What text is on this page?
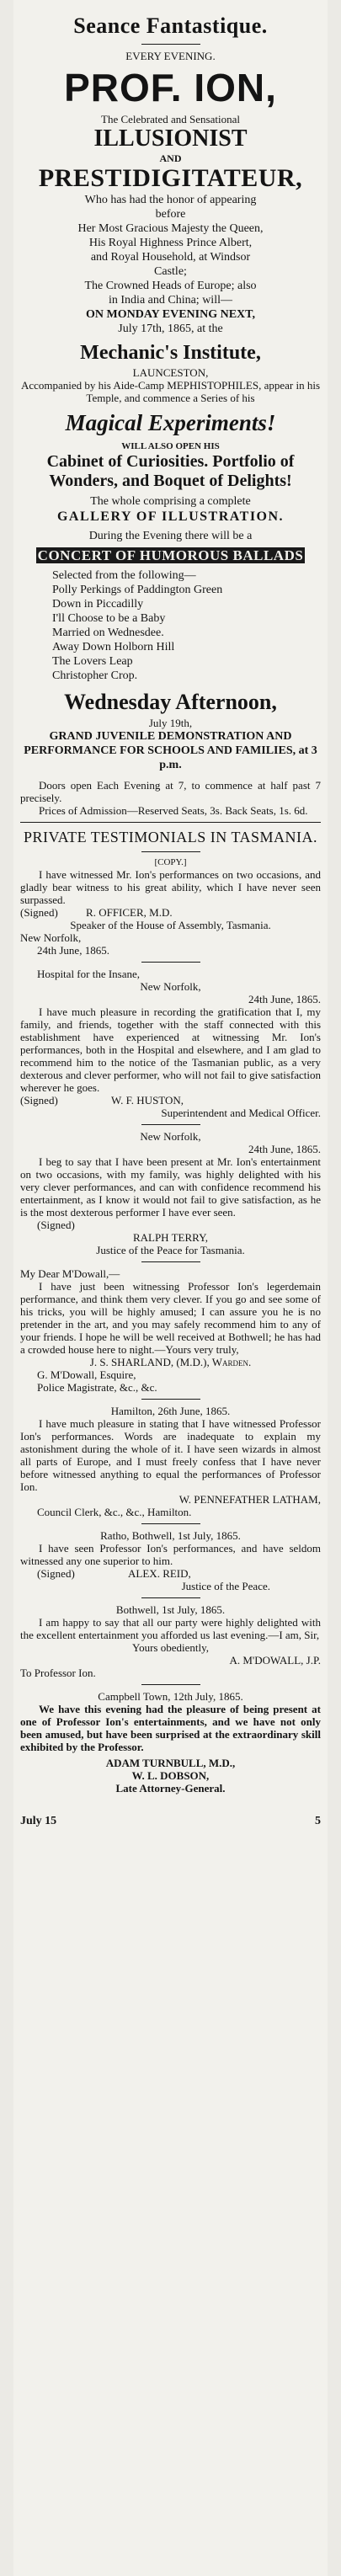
Seance Fantastique.
EVERY EVENING.
PROF. ION,
The Celebrated and Sensational
ILLUSIONIST
AND
PRESTIDIGITATEUR,
Who has had the honor of appearing
before
Her Most Gracious Majesty the Queen,
His Royal Highness Prince Albert,
and Royal Household, at Windsor
Castle;
The Crowned Heads of Europe; also
in India and China; will—
ON MONDAY EVENING NEXT,
July 17th, 1865, at the
Mechanic's Institute,
LAUNCESTON,
Accompanied by his Aide-Camp MEPHISTOPHILES, appear in his Temple, and commence a Series of his
Magical Experiments!
WILL ALSO OPEN HIS
Cabinet of Curiosities. Portfolio of Wonders, and Boquet of Delights!
The whole comprising a complete
GALLERY OF ILLUSTRATION.
During the Evening there will be a
CONCERT OF HUMOROUS BALLADS
Selected from the following—
Polly Perkings of Paddington Green
Down in Piccadilly
I'll Choose to be a Baby
Married on Wednesdee.
Away Down Holborn Hill
The Lovers Leap
Christopher Crop.
Wednesday Afternoon,
July 19th,
GRAND JUVENILE DEMONSTRATION AND PERFORMANCE FOR SCHOOLS AND FAMILIES, at 3 p.m.
Doors open Each Evening at 7, to commence at half past 7 precisely.
Prices of Admission—Reserved Seats, 3s. Back Seats, 1s. 6d.
PRIVATE TESTIMONIALS IN TASMANIA.
[COPY.]
I have witnessed Mr. Ion's performances on two occasions, and gladly bear witness to his great ability, which I have never seen surpassed.
(Signed)	R. OFFICER, M.D.
Speaker of the House of Assembly, Tasmania.
New Norfolk,
24th June, 1865.
Hospital for the Insane,
New Norfolk,
24th June, 1865.
I have much pleasure in recording the gratification that I, my family, and friends, together with the staff connected with this establishment have experienced at witnessing Mr. Ion's performances, both in the Hospital and elsewhere, and I am glad to recommend him to the notice of the Tasmanian public, as a very dexterous and clever performer, who will not fail to give satisfaction wherever he goes.
(Signed)	W. F. HUSTON,
Superintendent and Medical Officer.
New Norfolk,
24th June, 1865.
I beg to say that I have been present at Mr. Ion's entertainment on two occasions, with my family, was highly delighted with his very clever performances, and can with confidence recommend his entertainment, as I know it would not fail to give satisfaction, as he is the most dexterous performer I have ever seen.
(Signed)
RALPH TERRY,
Justice of the Peace for Tasmania.
My Dear M'Dowall,—
I have just been witnessing Professor Ion's legerdemain performance, and think them very clever. If you go and see some of his tricks, you will be highly amused; I can assure you he is no pretender in the art, and you may safely recommend him to any of your friends. I hope he will be well received at Bothwell; he has had a crowded house here to night.—Yours very truly,
J. S. SHARLAND, (M.D.), Warden.
G. M'Dowall, Esquire,
Police Magistrate, &c., &c.
Hamilton, 26th June, 1865.
I have much pleasure in stating that I have witnessed Professor Ion's performances. Words are inadequate to explain my astonishment during the whole of it. I have seen wizards in almost all parts of Europe, and I must freely confess that I have never before witnessed anything to equal the performances of Professor Ion.
W. PENNEFATHER LATHAM,
Council Clerk, &c., &c., Hamilton.
Ratho, Bothwell, 1st July, 1865.
I have seen Professor Ion's performances, and have seldom witnessed any one superior to him.
(Signed)	ALEX. REID,
Justice of the Peace.
Bothwell, 1st July, 1865.
I am happy to say that all our party were highly delighted with the excellent entertainment you afforded us last evening.—I am, Sir,
Yours obediently,
A. M'DOWALL, J.P.
To Professor Ion.
Campbell Town, 12th July, 1865.
We have this evening had the pleasure of being present at one of Professor Ion's entertainments, and we have not only been amused, but have been surprised at the extraordinary skill exhibited by the Professor.
ADAM TURNBULL, M.D.,
W. L. DOBSON,
Late Attorney-General.
July 15	5
